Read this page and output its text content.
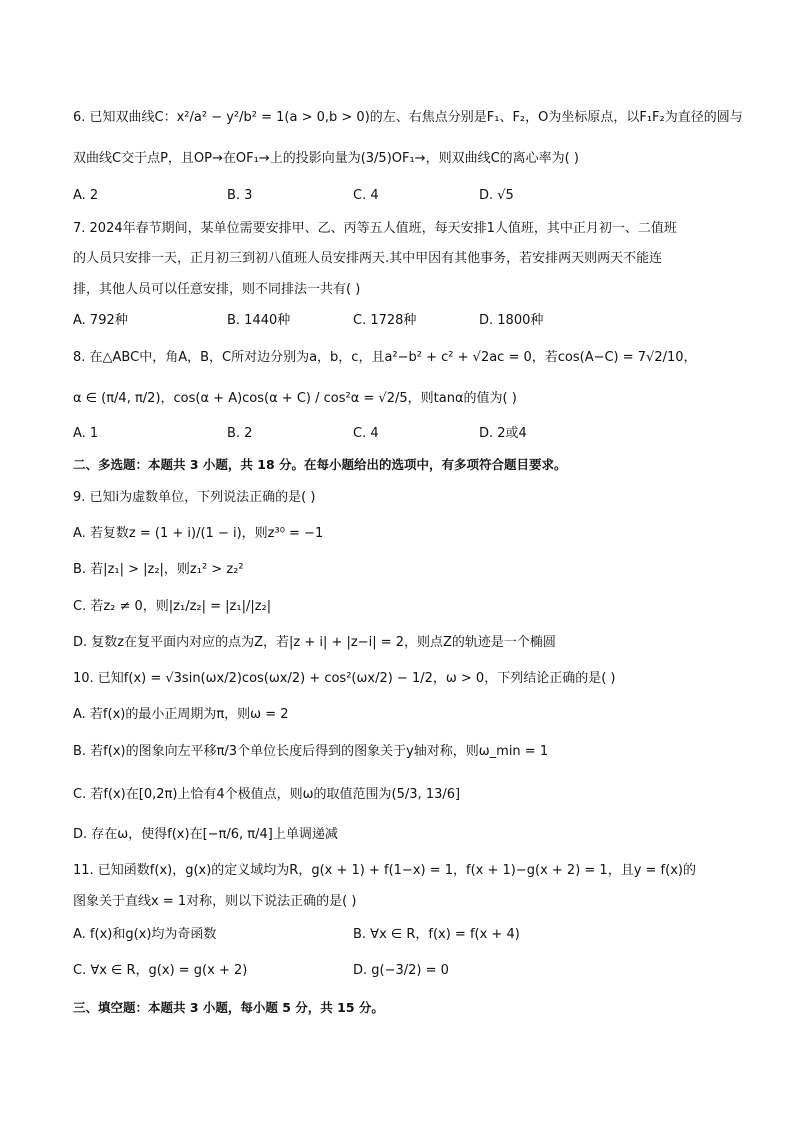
6. 已知双曲线C：x²/a² − y²/b² = 1(a > 0,b > 0)的左、右焦点分别是F₁、F₂，O为坐标原点，以F₁F₂为直径的圆与
双曲线C交于点P，且OP→在OF₁→上的投影向量为(3/5)OF₁→，则双曲线C的离心率为( )
A. 2	B. 3	C. 4	D. √5
7. 2024年春节期间，某单位需要安排甲、乙、丙等五人值班，每天安排1人值班，其中正月初一、二值班
的人员只安排一天，正月初三到初八值班人员安排两天.其中甲因有其他事务，若安排两天则两天不能连
排，其他人员可以任意安排，则不同排法一共有( )
A. 792种	B. 1440种	C. 1728种	D. 1800种
8. 在△ABC中，角A，B，C所对边分别为a，b，c，且a²−b² + c² + √2ac = 0，若cos(A−C) = 7√2/10，
α ∈ (π/4, π/2)，cos(α + A)cos(α + C) / cos²α = √2/5，则tanα的值为( )
A. 1	B. 2	C. 4	D. 2或4
二、多选题：本题共 3 小题，共 18 分。在每小题给出的选项中，有多项符合题目要求。
9. 已知i为虚数单位，下列说法正确的是( )
A. 若复数z = (1 + i)/(1 − i)，则z³⁰ = −1
B. 若|z₁| > |z₂|，则z₁² > z₂²
C. 若z₂ ≠ 0，则|z₁/z₂| = |z₁|/|z₂|
D. 复数z在复平面内对应的点为Z，若|z + i| + |z−i| = 2，则点Z的轨迹是一个椭圆
10. 已知f(x) = √3sin(ωx/2)cos(ωx/2) + cos²(ωx/2) − 1/2，ω > 0，下列结论正确的是( )
A. 若f(x)的最小正周期为π，则ω = 2
B. 若f(x)的图象向左平移π/3个单位长度后得到的图象关于y轴对称，则ω_min = 1
C. 若f(x)在[0,2π)上恰有4个极值点，则ω的取值范围为(5/3, 13/6]
D. 存在ω，使得f(x)在[−π/6, π/4]上单调递减
11. 已知函数f(x)，g(x)的定义域均为R，g(x + 1) + f(1−x) = 1，f(x + 1)−g(x + 2) = 1，且y = f(x)的
图象关于直线x = 1对称，则以下说法正确的是( )
A. f(x)和g(x)均为奇函数	B. ∀x ∈ R，f(x) = f(x + 4)
C. ∀x ∈ R，g(x) = g(x + 2)	D. g(−3/2) = 0
三、填空题：本题共 3 小题，每小题 5 分，共 15 分。
